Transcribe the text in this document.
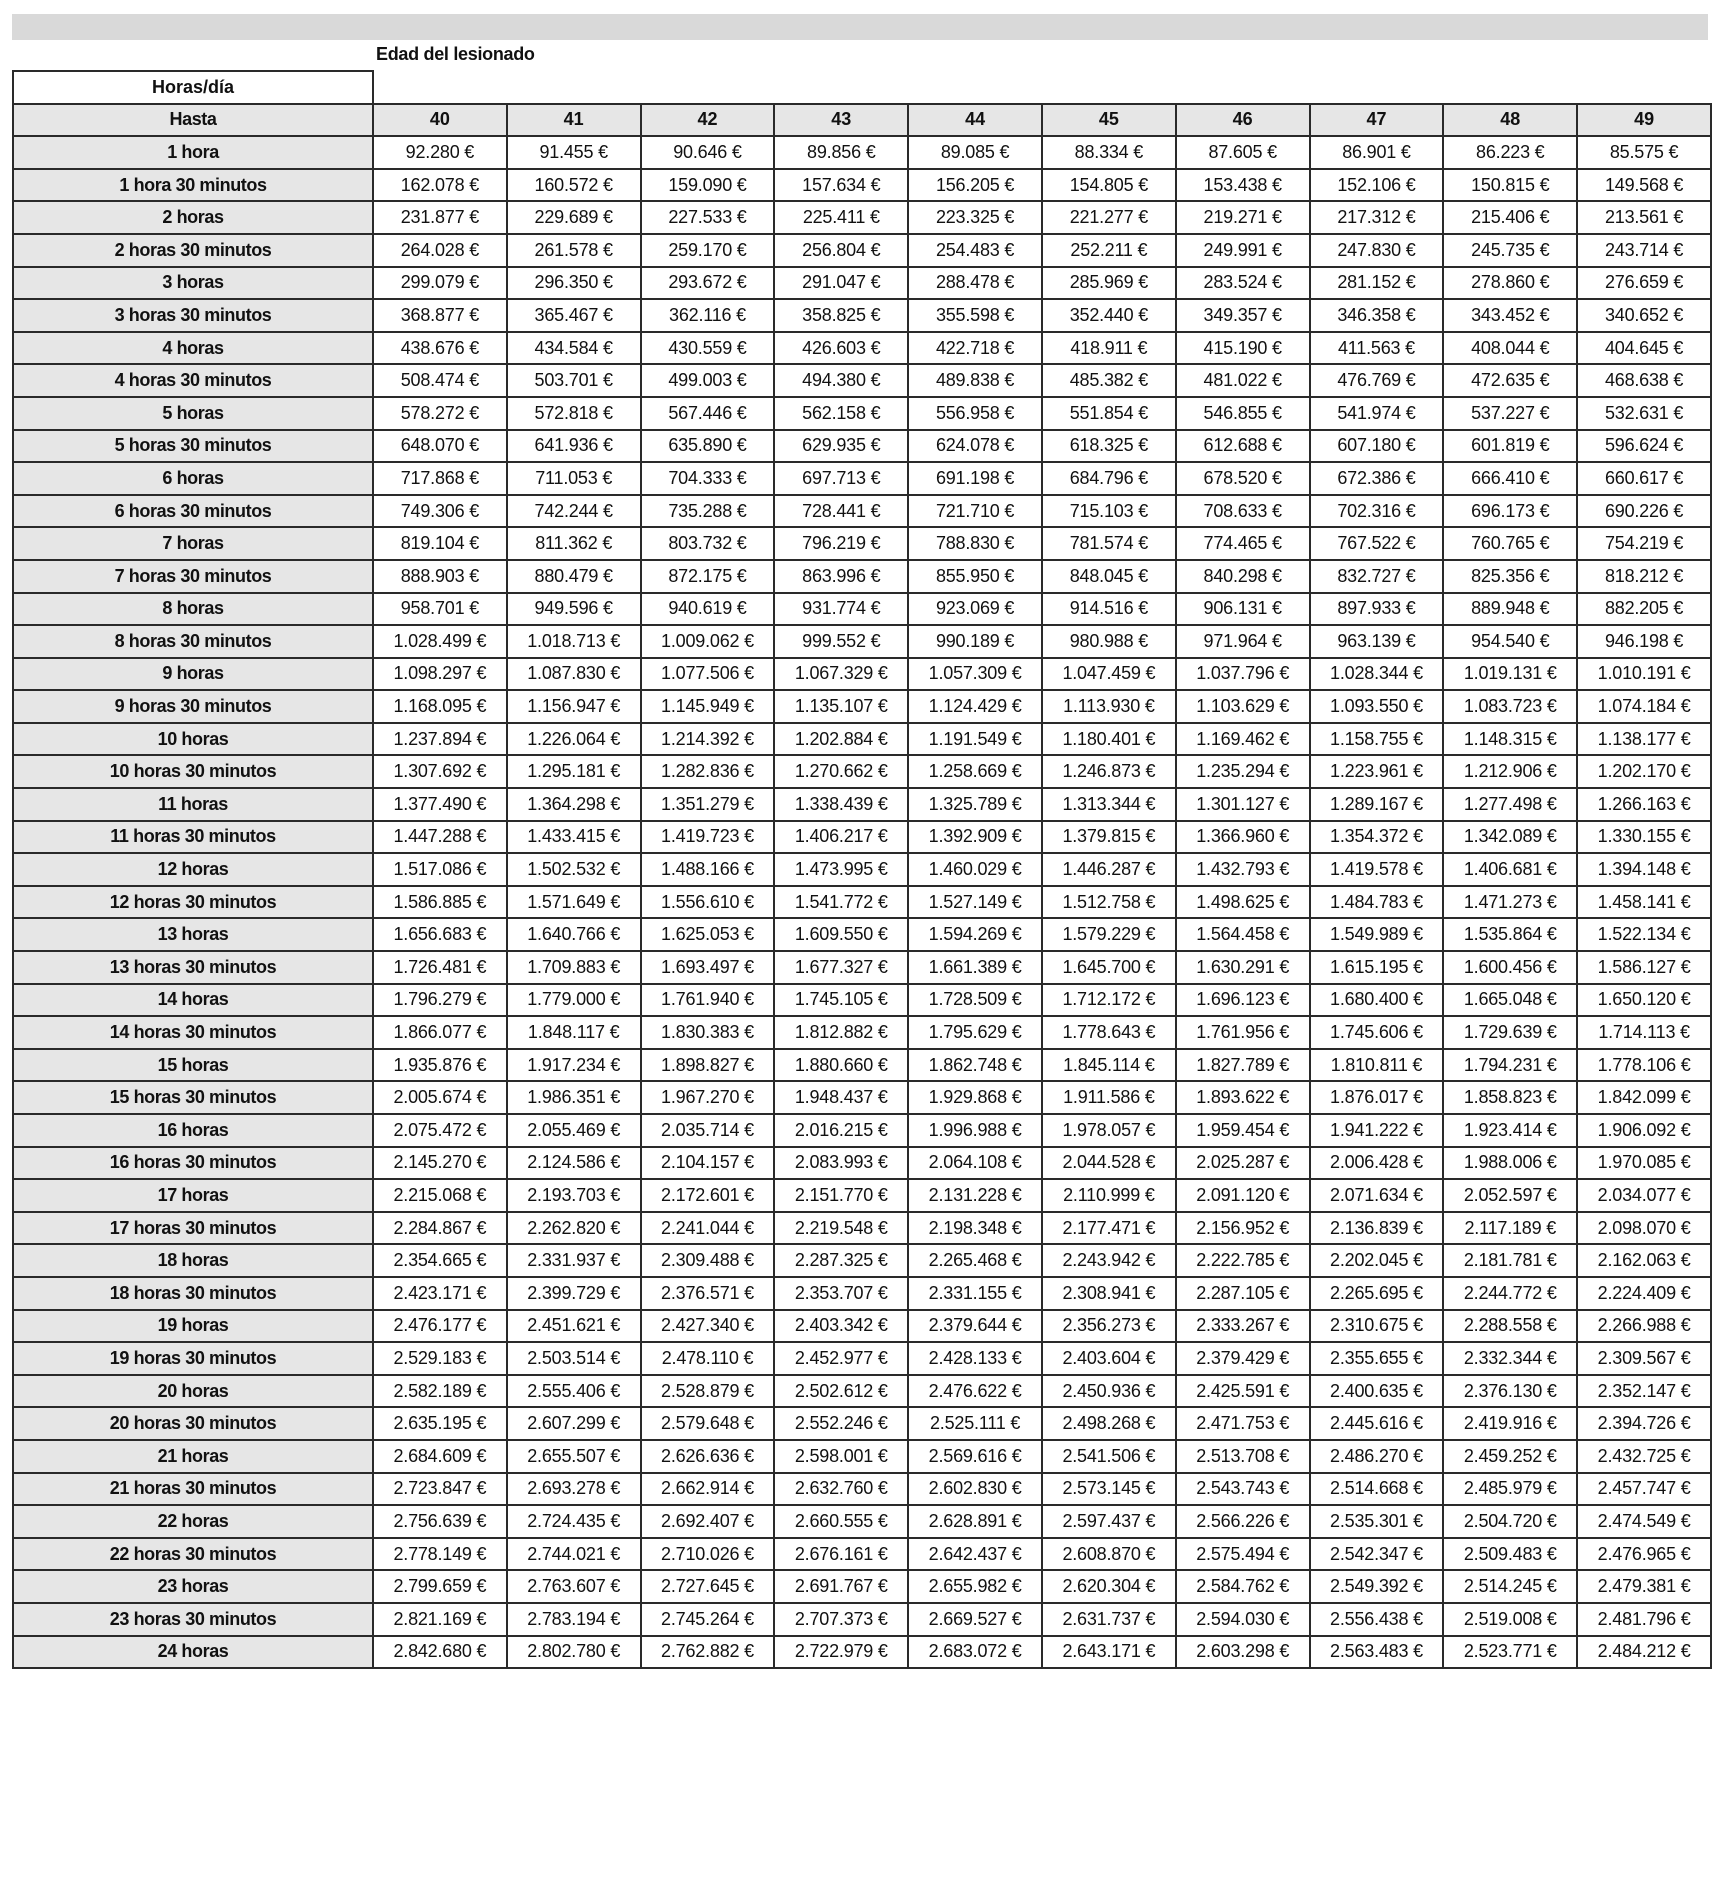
Edad del lesionado
Horas/día										
Hasta	40	41	42	43	44	45	46	47	48	49
1 hora	92.280 €	91.455 €	90.646 €	89.856 €	89.085 €	88.334 €	87.605 €	86.901 €	86.223 €	85.575 €
1 hora 30 minutos	162.078 €	160.572 €	159.090 €	157.634 €	156.205 €	154.805 €	153.438 €	152.106 €	150.815 €	149.568 €
2 horas	231.877 €	229.689 €	227.533 €	225.411 €	223.325 €	221.277 €	219.271 €	217.312 €	215.406 €	213.561 €
2 horas 30 minutos	264.028 €	261.578 €	259.170 €	256.804 €	254.483 €	252.211 €	249.991 €	247.830 €	245.735 €	243.714 €
3 horas	299.079 €	296.350 €	293.672 €	291.047 €	288.478 €	285.969 €	283.524 €	281.152 €	278.860 €	276.659 €
3 horas 30 minutos	368.877 €	365.467 €	362.116 €	358.825 €	355.598 €	352.440 €	349.357 €	346.358 €	343.452 €	340.652 €
4 horas	438.676 €	434.584 €	430.559 €	426.603 €	422.718 €	418.911 €	415.190 €	411.563 €	408.044 €	404.645 €
4 horas 30 minutos	508.474 €	503.701 €	499.003 €	494.380 €	489.838 €	485.382 €	481.022 €	476.769 €	472.635 €	468.638 €
5 horas	578.272 €	572.818 €	567.446 €	562.158 €	556.958 €	551.854 €	546.855 €	541.974 €	537.227 €	532.631 €
5 horas 30 minutos	648.070 €	641.936 €	635.890 €	629.935 €	624.078 €	618.325 €	612.688 €	607.180 €	601.819 €	596.624 €
6 horas	717.868 €	711.053 €	704.333 €	697.713 €	691.198 €	684.796 €	678.520 €	672.386 €	666.410 €	660.617 €
6 horas 30 minutos	749.306 €	742.244 €	735.288 €	728.441 €	721.710 €	715.103 €	708.633 €	702.316 €	696.173 €	690.226 €
7 horas	819.104 €	811.362 €	803.732 €	796.219 €	788.830 €	781.574 €	774.465 €	767.522 €	760.765 €	754.219 €
7 horas 30 minutos	888.903 €	880.479 €	872.175 €	863.996 €	855.950 €	848.045 €	840.298 €	832.727 €	825.356 €	818.212 €
8 horas	958.701 €	949.596 €	940.619 €	931.774 €	923.069 €	914.516 €	906.131 €	897.933 €	889.948 €	882.205 €
8 horas 30 minutos	1.028.499 €	1.018.713 €	1.009.062 €	999.552 €	990.189 €	980.988 €	971.964 €	963.139 €	954.540 €	946.198 €
9 horas	1.098.297 €	1.087.830 €	1.077.506 €	1.067.329 €	1.057.309 €	1.047.459 €	1.037.796 €	1.028.344 €	1.019.131 €	1.010.191 €
9 horas 30 minutos	1.168.095 €	1.156.947 €	1.145.949 €	1.135.107 €	1.124.429 €	1.113.930 €	1.103.629 €	1.093.550 €	1.083.723 €	1.074.184 €
10 horas	1.237.894 €	1.226.064 €	1.214.392 €	1.202.884 €	1.191.549 €	1.180.401 €	1.169.462 €	1.158.755 €	1.148.315 €	1.138.177 €
10 horas 30 minutos	1.307.692 €	1.295.181 €	1.282.836 €	1.270.662 €	1.258.669 €	1.246.873 €	1.235.294 €	1.223.961 €	1.212.906 €	1.202.170 €
11 horas	1.377.490 €	1.364.298 €	1.351.279 €	1.338.439 €	1.325.789 €	1.313.344 €	1.301.127 €	1.289.167 €	1.277.498 €	1.266.163 €
11 horas 30 minutos	1.447.288 €	1.433.415 €	1.419.723 €	1.406.217 €	1.392.909 €	1.379.815 €	1.366.960 €	1.354.372 €	1.342.089 €	1.330.155 €
12 horas	1.517.086 €	1.502.532 €	1.488.166 €	1.473.995 €	1.460.029 €	1.446.287 €	1.432.793 €	1.419.578 €	1.406.681 €	1.394.148 €
12 horas 30 minutos	1.586.885 €	1.571.649 €	1.556.610 €	1.541.772 €	1.527.149 €	1.512.758 €	1.498.625 €	1.484.783 €	1.471.273 €	1.458.141 €
13 horas	1.656.683 €	1.640.766 €	1.625.053 €	1.609.550 €	1.594.269 €	1.579.229 €	1.564.458 €	1.549.989 €	1.535.864 €	1.522.134 €
13 horas 30 minutos	1.726.481 €	1.709.883 €	1.693.497 €	1.677.327 €	1.661.389 €	1.645.700 €	1.630.291 €	1.615.195 €	1.600.456 €	1.586.127 €
14 horas	1.796.279 €	1.779.000 €	1.761.940 €	1.745.105 €	1.728.509 €	1.712.172 €	1.696.123 €	1.680.400 €	1.665.048 €	1.650.120 €
14 horas 30 minutos	1.866.077 €	1.848.117 €	1.830.383 €	1.812.882 €	1.795.629 €	1.778.643 €	1.761.956 €	1.745.606 €	1.729.639 €	1.714.113 €
15 horas	1.935.876 €	1.917.234 €	1.898.827 €	1.880.660 €	1.862.748 €	1.845.114 €	1.827.789 €	1.810.811 €	1.794.231 €	1.778.106 €
15 horas 30 minutos	2.005.674 €	1.986.351 €	1.967.270 €	1.948.437 €	1.929.868 €	1.911.586 €	1.893.622 €	1.876.017 €	1.858.823 €	1.842.099 €
16 horas	2.075.472 €	2.055.469 €	2.035.714 €	2.016.215 €	1.996.988 €	1.978.057 €	1.959.454 €	1.941.222 €	1.923.414 €	1.906.092 €
16 horas 30 minutos	2.145.270 €	2.124.586 €	2.104.157 €	2.083.993 €	2.064.108 €	2.044.528 €	2.025.287 €	2.006.428 €	1.988.006 €	1.970.085 €
17 horas	2.215.068 €	2.193.703 €	2.172.601 €	2.151.770 €	2.131.228 €	2.110.999 €	2.091.120 €	2.071.634 €	2.052.597 €	2.034.077 €
17 horas 30 minutos	2.284.867 €	2.262.820 €	2.241.044 €	2.219.548 €	2.198.348 €	2.177.471 €	2.156.952 €	2.136.839 €	2.117.189 €	2.098.070 €
18 horas	2.354.665 €	2.331.937 €	2.309.488 €	2.287.325 €	2.265.468 €	2.243.942 €	2.222.785 €	2.202.045 €	2.181.781 €	2.162.063 €
18 horas 30 minutos	2.423.171 €	2.399.729 €	2.376.571 €	2.353.707 €	2.331.155 €	2.308.941 €	2.287.105 €	2.265.695 €	2.244.772 €	2.224.409 €
19 horas	2.476.177 €	2.451.621 €	2.427.340 €	2.403.342 €	2.379.644 €	2.356.273 €	2.333.267 €	2.310.675 €	2.288.558 €	2.266.988 €
19 horas 30 minutos	2.529.183 €	2.503.514 €	2.478.110 €	2.452.977 €	2.428.133 €	2.403.604 €	2.379.429 €	2.355.655 €	2.332.344 €	2.309.567 €
20 horas	2.582.189 €	2.555.406 €	2.528.879 €	2.502.612 €	2.476.622 €	2.450.936 €	2.425.591 €	2.400.635 €	2.376.130 €	2.352.147 €
20 horas 30 minutos	2.635.195 €	2.607.299 €	2.579.648 €	2.552.246 €	2.525.111 €	2.498.268 €	2.471.753 €	2.445.616 €	2.419.916 €	2.394.726 €
21 horas	2.684.609 €	2.655.507 €	2.626.636 €	2.598.001 €	2.569.616 €	2.541.506 €	2.513.708 €	2.486.270 €	2.459.252 €	2.432.725 €
21 horas 30 minutos	2.723.847 €	2.693.278 €	2.662.914 €	2.632.760 €	2.602.830 €	2.573.145 €	2.543.743 €	2.514.668 €	2.485.979 €	2.457.747 €
22 horas	2.756.639 €	2.724.435 €	2.692.407 €	2.660.555 €	2.628.891 €	2.597.437 €	2.566.226 €	2.535.301 €	2.504.720 €	2.474.549 €
22 horas 30 minutos	2.778.149 €	2.744.021 €	2.710.026 €	2.676.161 €	2.642.437 €	2.608.870 €	2.575.494 €	2.542.347 €	2.509.483 €	2.476.965 €
23 horas	2.799.659 €	2.763.607 €	2.727.645 €	2.691.767 €	2.655.982 €	2.620.304 €	2.584.762 €	2.549.392 €	2.514.245 €	2.479.381 €
23 horas 30 minutos	2.821.169 €	2.783.194 €	2.745.264 €	2.707.373 €	2.669.527 €	2.631.737 €	2.594.030 €	2.556.438 €	2.519.008 €	2.481.796 €
24 horas	2.842.680 €	2.802.780 €	2.762.882 €	2.722.979 €	2.683.072 €	2.643.171 €	2.603.298 €	2.563.483 €	2.523.771 €	2.484.212 €
